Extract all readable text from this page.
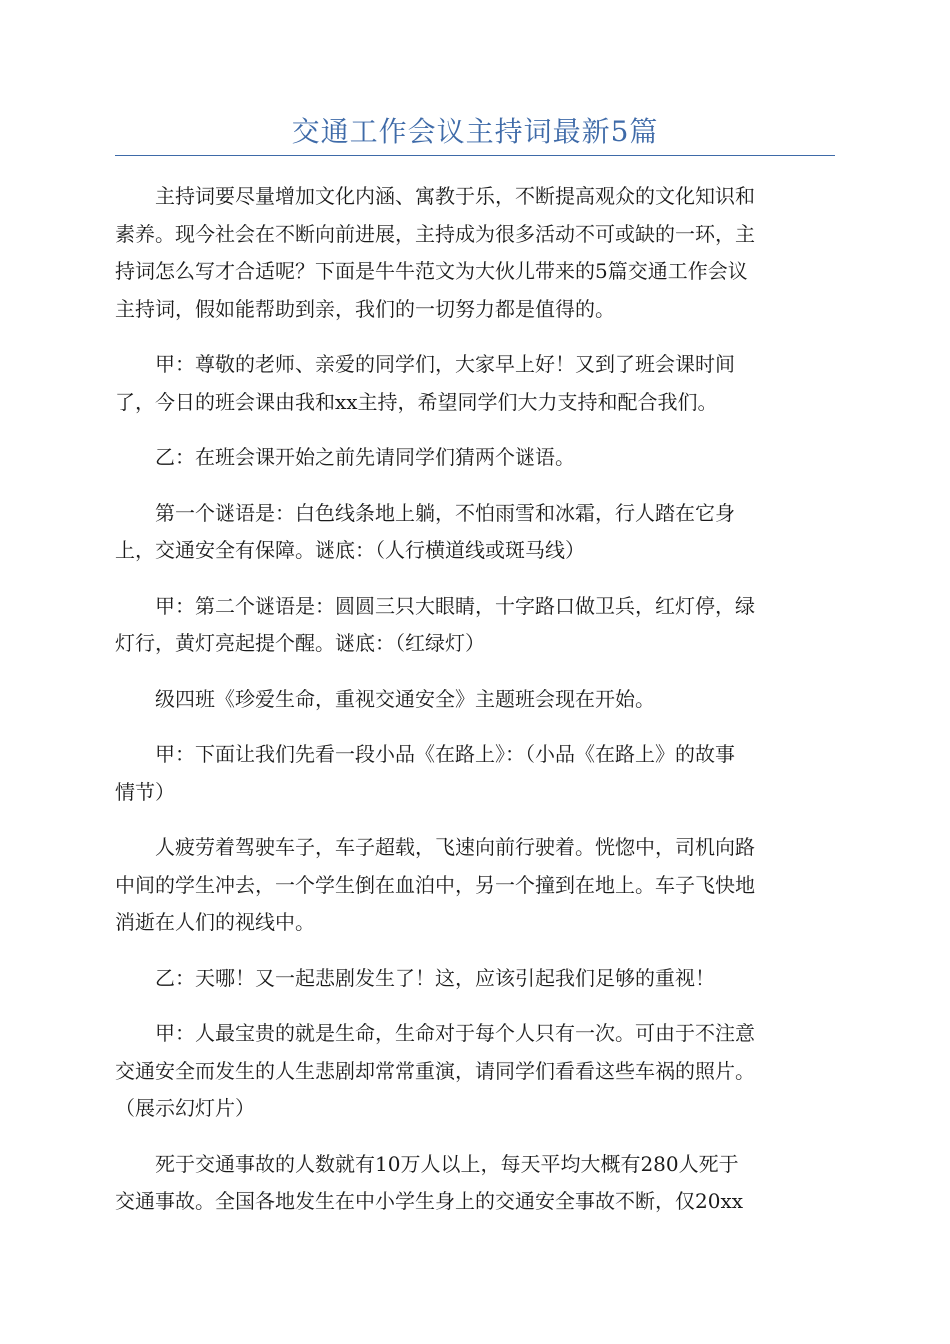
交通工作会议主持词最新5篇
主持词要尽量增加文化内涵、寓教于乐，不断提高观众的文化知识和
素养。现今社会在不断向前进展，主持成为很多活动不可或缺的一环，主
持词怎么写才合适呢？下面是牛牛范文为大伙儿带来的5篇交通工作会议
主持词，假如能帮助到亲，我们的一切努力都是值得的。
甲：尊敬的老师、亲爱的同学们，大家早上好！又到了班会课时间
了，今日的班会课由我和xx主持，希望同学们大力支持和配合我们。
乙：在班会课开始之前先请同学们猜两个谜语。
第一个谜语是：白色线条地上躺，不怕雨雪和冰霜，行人踏在它身
上，交通安全有保障。谜底：（人行横道线或斑马线）
甲：第二个谜语是：圆圆三只大眼睛，十字路口做卫兵，红灯停，绿
灯行，黄灯亮起提个醒。谜底：（红绿灯）
级四班《珍爱生命，重视交通安全》主题班会现在开始。
甲：下面让我们先看一段小品《在路上》：（小品《在路上》的故事
情节）
人疲劳着驾驶车子，车子超载，飞速向前行驶着。恍惚中，司机向路
中间的学生冲去，一个学生倒在血泊中，另一个撞到在地上。车子飞快地
消逝在人们的视线中。
乙：天哪！又一起悲剧发生了！这，应该引起我们足够的重视！
甲：人最宝贵的就是生命，生命对于每个人只有一次。可由于不注意
交通安全而发生的人生悲剧却常常重演，请同学们看看这些车祸的照片。
（展示幻灯片）
死于交通事故的人数就有10万人以上，每天平均大概有280人死于
交通事故。全国各地发生在中小学生身上的交通安全事故不断，仅20xx
